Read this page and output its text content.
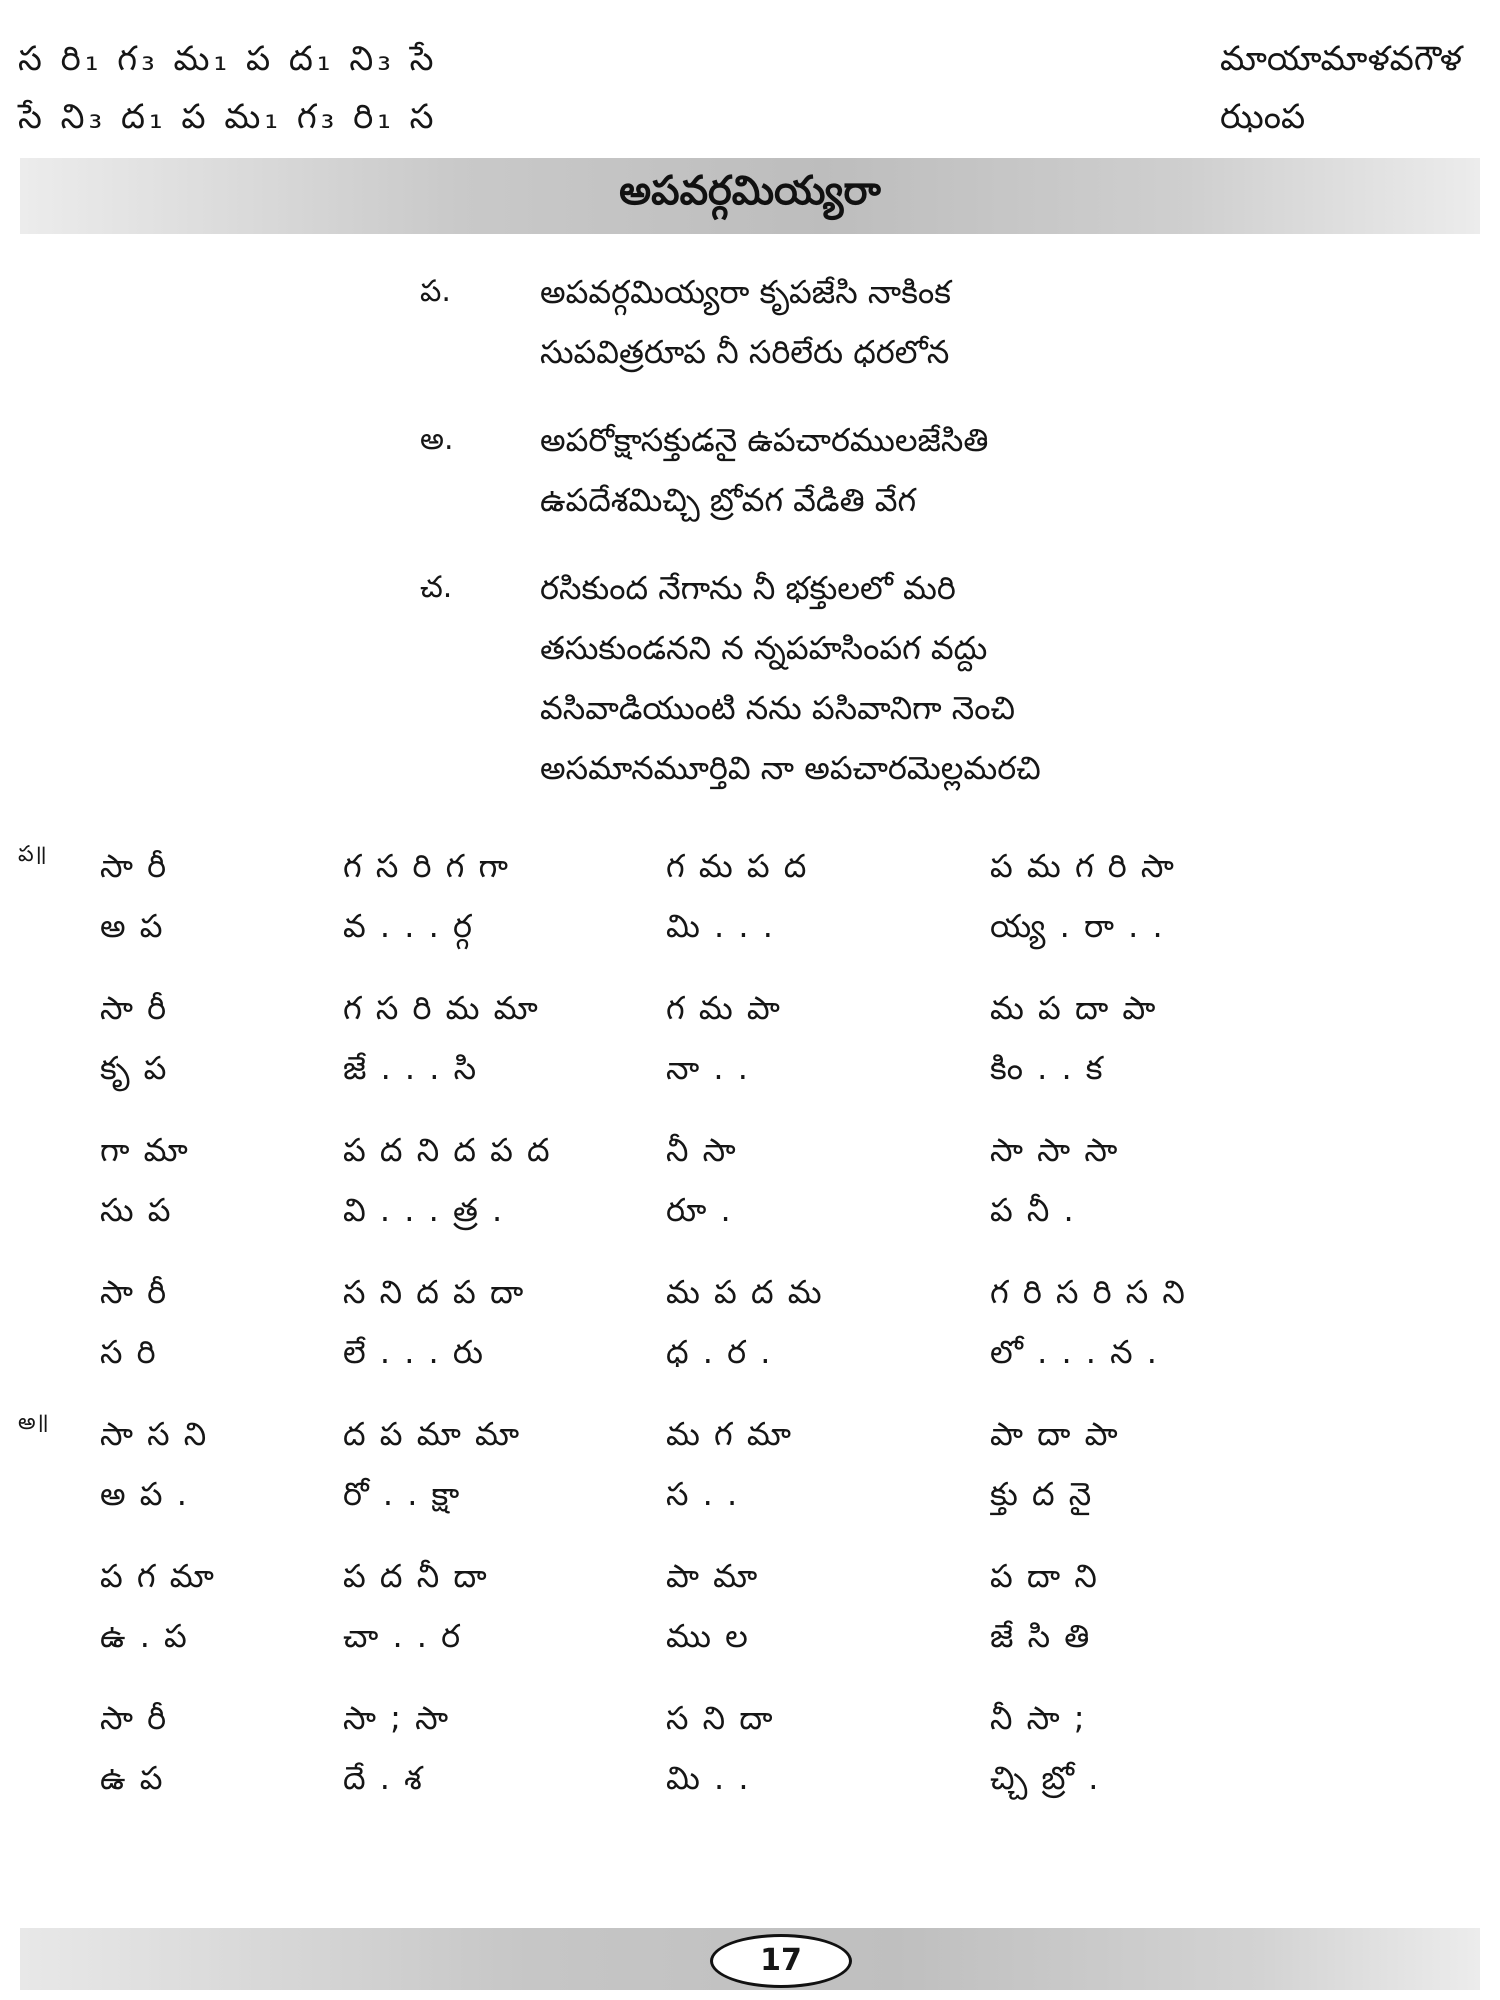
స రి₁ గ₃ మ₁ ప ద₁ ని₃ సే
సే ని₃ ద₁ ప మ₁ గ₃ రి₁ స
మాయామాళవగౌళ
ఝంప
అపవర్గమియ్యరా
ప.	అపవర్గమియ్యరా కృపజేసి నాకింక
సుపవిత్రరూప నీ సరిలేరు ధరలోన
అ.	అపరోక్షాసక్తుడనై ఉపచారములజేసితి
ఉపదేశమిచ్చి బ్రోవగ వేడితి వేగ
చ.	రసికుంద నేగాను నీ భక్తులలో మరి
తసుకుండనని న న్నపహసింపగ వద్దు
వసివాడియుంటి నను పసివానిగా నెంచి
అసమానమూర్తివి నా అపచారమెల్లమరచి
ప॥ సా రీ	గ స రి గ గా	గ మ ప ద	ప మ గ రి సా
అ ప	వ . . . ర్గ	మి . . .	య్య . రా . .
సా రీ	గ స రి మ మా	గ మ పా	మ ప దా పా
కృ ప	జే . . . సి	నా . .	కిం . . క
గా మా	ప ద ని ద ప ద	నీ సా	సా సా సా
సు ప	వి . . . త్ర .	రూ .	ప నీ .
సా రీ	స ని ద ప దా	మ ప ద మ	గ రి స రి స ని
స రి	లే . . . రు	ధ . ర .	లో . . . న .
అ॥ సా స ని	ద ప మా మా	మ గ మా	పా దా పా
అ ప .	రో . . క్షా	స . .	క్తు ద నై
ప గ మా	ప ద నీ దా	పా మా	ప దా ని
ఉ . ప	చా . . ర	ము ల	జే సి తి
సా రీ	సా ; సా	స ని దా	నీ సా ;
ఉ ప	దే . శ	మి . .	చ్చి బ్రో .
17
